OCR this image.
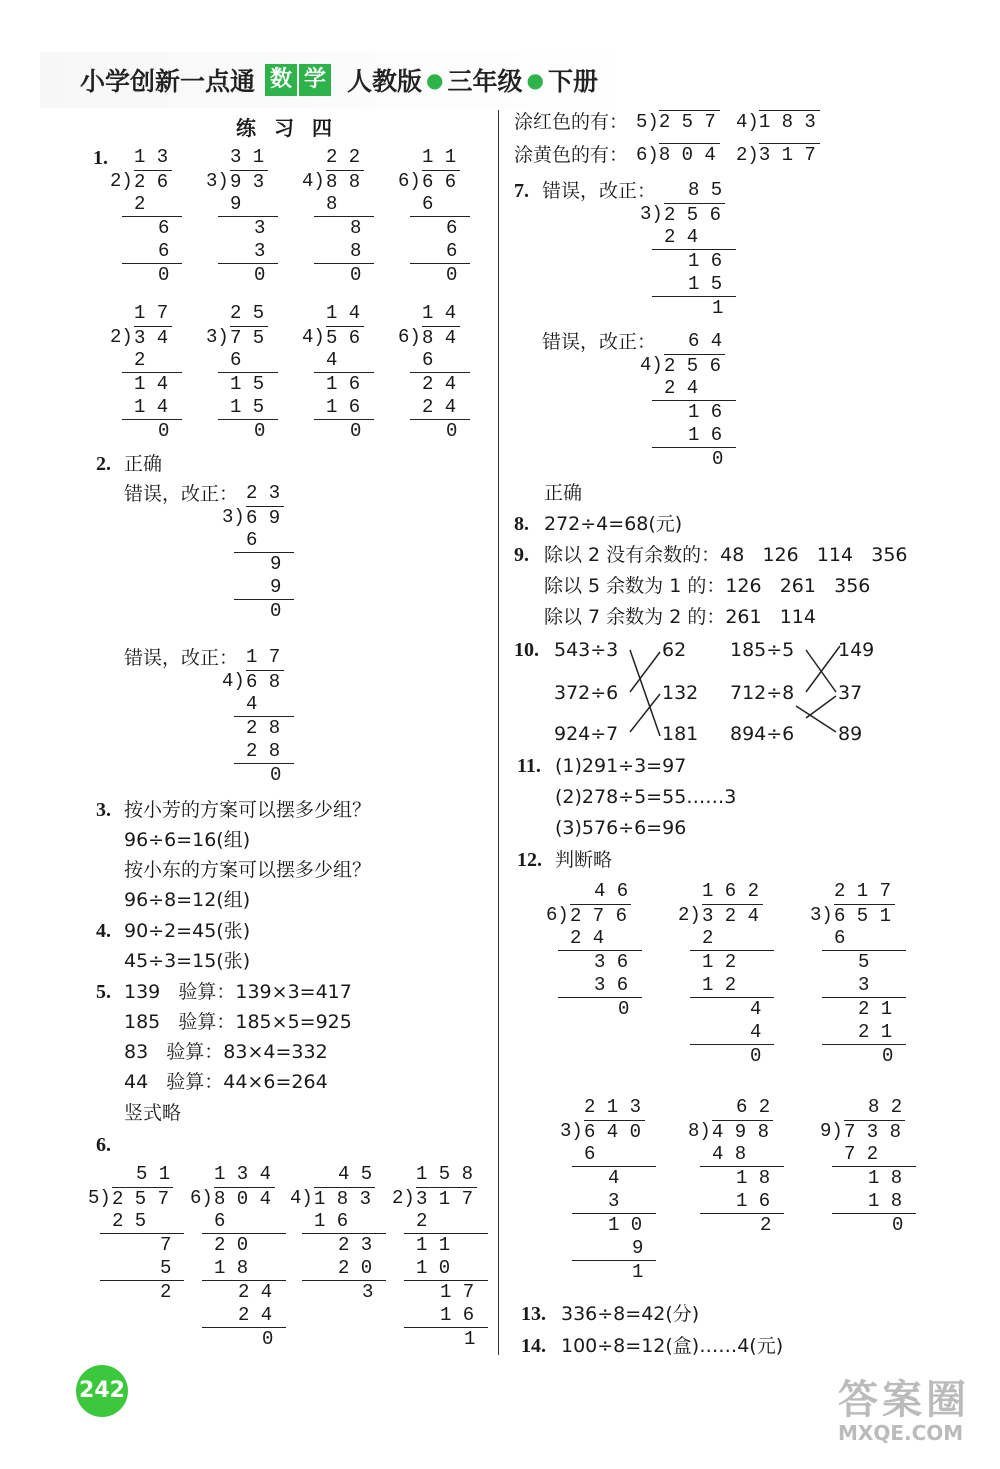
小学创新一点通 数 学 人教版 ● 三年级 ● 下册
练习四
1.
2. 正确
错误，改正：
错误，改正：
3. 按小芳的方案可以摆多少组？
96÷6=16(组)
按小东的方案可以摆多少组？
96÷8=12(组)
4. 90÷2=45(张)
45÷3=15(张)
5. 139   验算：139×3=417
185   验算：185×5=925
83   验算：83×4=332
44   验算：44×6=264
竖式略
6.
涂红色的有：
涂黄色的有：
7. 错误，改正：
错误，改正：
正确
8. 272÷4=68(元)
9. 除以 2 没有余数的：48   126   114   356
除以 5 余数为 1 的：126   261   356
除以 7 余数为 2 的：261   114
10. 543÷3
372÷6
924÷7
62
132
181
185÷5
712÷8
894÷6
149
37
89
11. (1)291÷3=97
(2)278÷5=55……3
(3)576÷6=96
12. 判断略
13. 336÷8=42(分)
14. 100÷8=12(盒)……4(元)
242	答案圈
MXQE.COM
1 3
2) 2 6
2
6
6
0
3 1
3) 9 3
9
3
3
0
2 2
4) 8 8
8
8
8
0
1 1
6) 6 6
6
6
6
0
1 7
2) 3 4
2
1 4
1 4
0
2 5
3) 7 5
6
1 5
1 5
0
1 4
4) 5 6
4
1 6
1 6
0
1 4
6) 8 4
6
2 4
2 4
0
2 3
3) 6 9
6
9
9
0
1 7
4) 6 8
4
2 8
2 8
0
5 1
5) 2 5 7
2 5
7
5
2
1 3 4
6) 8 0 4
6
2 0
1 8
2 4
2 4
0
4 5
4) 1 8 3
1 6
2 3
2 0
3
1 5 8
2) 3 1 7
2
1 1
1 0
1 7
1 6
1
8 5
3) 2 5 6
2 4
1 6
1 5
1
6 4
4) 2 5 6
2 4
1 6
1 6
0
4 6
6) 2 7 6
2 4
3 6
3 6
0
1 6 2
2) 3 2 4
2
1 2
1 2
4
4
0
2 1 7
3) 6 5 1
6
5
3
2 1
2 1
0
2 1 3
3) 6 4 0
6
4
3
1 0
9
1
6 2
8) 4 9 8
4 8
1 8
1 6
2
8 2
9) 7 3 8
7 2
1 8
1 8
0
5)2 5 7 4)1 8 3
6)8 0 4 2)3 1 7
